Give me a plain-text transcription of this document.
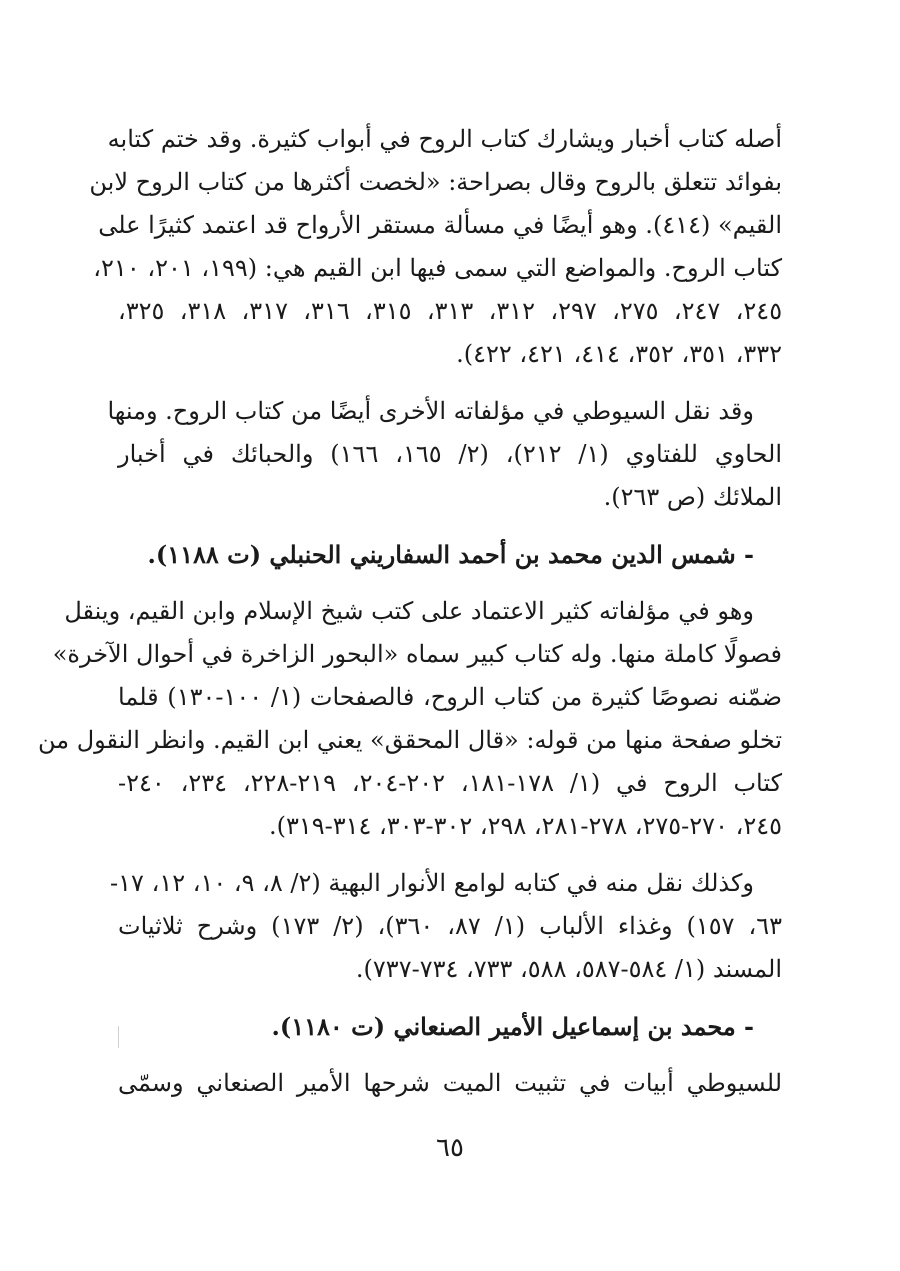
أصله كتاب أخبار ويشارك كتاب الروح في أبواب كثيرة. وقد ختم كتابه
بفوائد تتعلق بالروح وقال بصراحة: «لخصت أكثرها من كتاب الروح لابن
القيم» (٤١٤). وهو أيضًا في مسألة مستقر الأرواح قد اعتمد كثيرًا على
كتاب الروح. والمواضع التي سمى فيها ابن القيم هي: (١٩٩، ٢٠١، ٢١٠،
٢٤٥، ٢٤٧، ٢٧٥، ٢٩٧، ٣١٢، ٣١٣، ٣١٥، ٣١٦، ٣١٧، ٣١٨، ٣٢٥،
٣٣٢، ٣٥١، ٣٥٢، ٤١٤، ٤٢١، ٤٢٢).

وقد نقل السيوطي في مؤلفاته الأخرى أيضًا من كتاب الروح. ومنها
الحاوي للفتاوي (١/ ٢١٢)، (٢/ ١٦٥، ١٦٦) والحبائك في أخبار
الملائك (ص ٢٦٣).

- شمس الدين محمد بن أحمد السفاريني الحنبلي (ت ١١٨٨).

وهو في مؤلفاته كثير الاعتماد على كتب شيخ الإسلام وابن القيم، وينقل
فصولًا كاملة منها. وله كتاب كبير سماه «البحور الزاخرة في أحوال الآخرة»
ضمّنه نصوصًا كثيرة من كتاب الروح، فالصفحات (١/ ١٠٠-١٣٠) قلما
تخلو صفحة منها من قوله: «قال المحقق» يعني ابن القيم. وانظر النقول من
كتاب الروح في (١/ ١٧٨-١٨١، ٢٠٢-٢٠٤، ٢١٩-٢٢٨، ٢٣٤، ٢٤٠-
٢٤٥، ٢٧٠-٢٧٥، ٢٧٨-٢٨١، ٢٩٨، ٣٠٢-٣٠٣، ٣١٤-٣١٩).

وكذلك نقل منه في كتابه لوامع الأنوار البهية (٢/ ٨، ٩، ١٠، ١٢، ١٧-
٦٣، ١٥٧) وغذاء الألباب (١/ ٨٧، ٣٦٠)، (٢/ ١٧٣) وشرح ثلاثيات
المسند (١/ ٥٨٤-٥٨٧، ٥٨٨، ٧٣٣، ٧٣٤-٧٣٧).

- محمد بن إسماعيل الأمير الصنعاني (ت ١١٨٠).

للسيوطي أبيات في تثبيت الميت شرحها الأمير الصنعاني وسمّى

٦٥
